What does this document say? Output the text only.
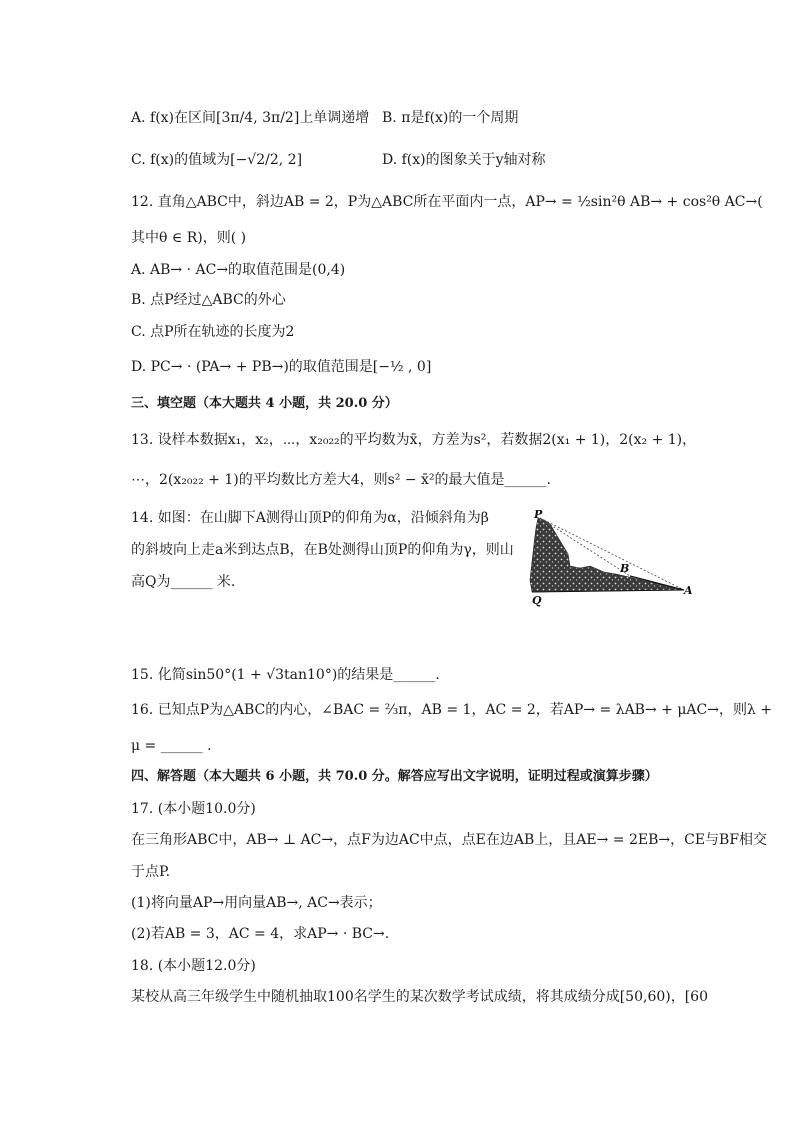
A. f(x)在区间[3π/4, 3π/2]上单调递增 B. π是f(x)的一个周期
C. f(x)的值域为[−√2/2, 2]	D. f(x)的图象关于y轴对称
12. 直角△ABC中，斜边AB = 2，P为△ABC所在平面内一点，AP→ = ½sin²θ AB→ + cos²θ AC→(
其中θ ∈ R)，则( )
A. AB→ · AC→的取值范围是(0,4)
B. 点P经过△ABC的外心
C. 点P所在轨迹的长度为2
D. PC→ · (PA→ + PB→)的取值范围是[−½ , 0]
三、填空题（本大题共 4 小题，共 20.0 分）
13. 设样本数据x₁，x₂，⋯，x₂₀₂₂的平均数为x̄，方差为s²，若数据2(x₁ + 1)，2(x₂ + 1)，
⋯，2(x₂₀₂₂ + 1)的平均数比方差大4，则s² − x̄²的最大值是______.
14. 如图：在山脚下A测得山顶P的仰角为α，沿倾斜角为β
的斜坡向上走a米到达点B，在B处测得山顶P的仰角为γ，则山
高Q为______ 米.
P
B
Q
A
15. 化简sin50°(1 + √3tan10°)的结果是______.
16. 已知点P为△ABC的内心，∠BAC = ⅔π，AB = 1，AC = 2，若AP→ = λAB→ + μAC→，则λ +
μ = ______ .
四、解答题（本大题共 6 小题，共 70.0 分。解答应写出文字说明，证明过程或演算步骤）
17. (本小题10.0分)
在三角形ABC中，AB→ ⊥ AC→，点F为边AC中点，点E在边AB上，且AE→ = 2EB→，CE与BF相交
于点P.
(1)将向量AP→用向量AB→, AC→表示；
(2)若AB = 3，AC = 4，求AP→ · BC→.
18. (本小题12.0分)
某校从高三年级学生中随机抽取100名学生的某次数学考试成绩，将其成绩分成[50,60)，[60
